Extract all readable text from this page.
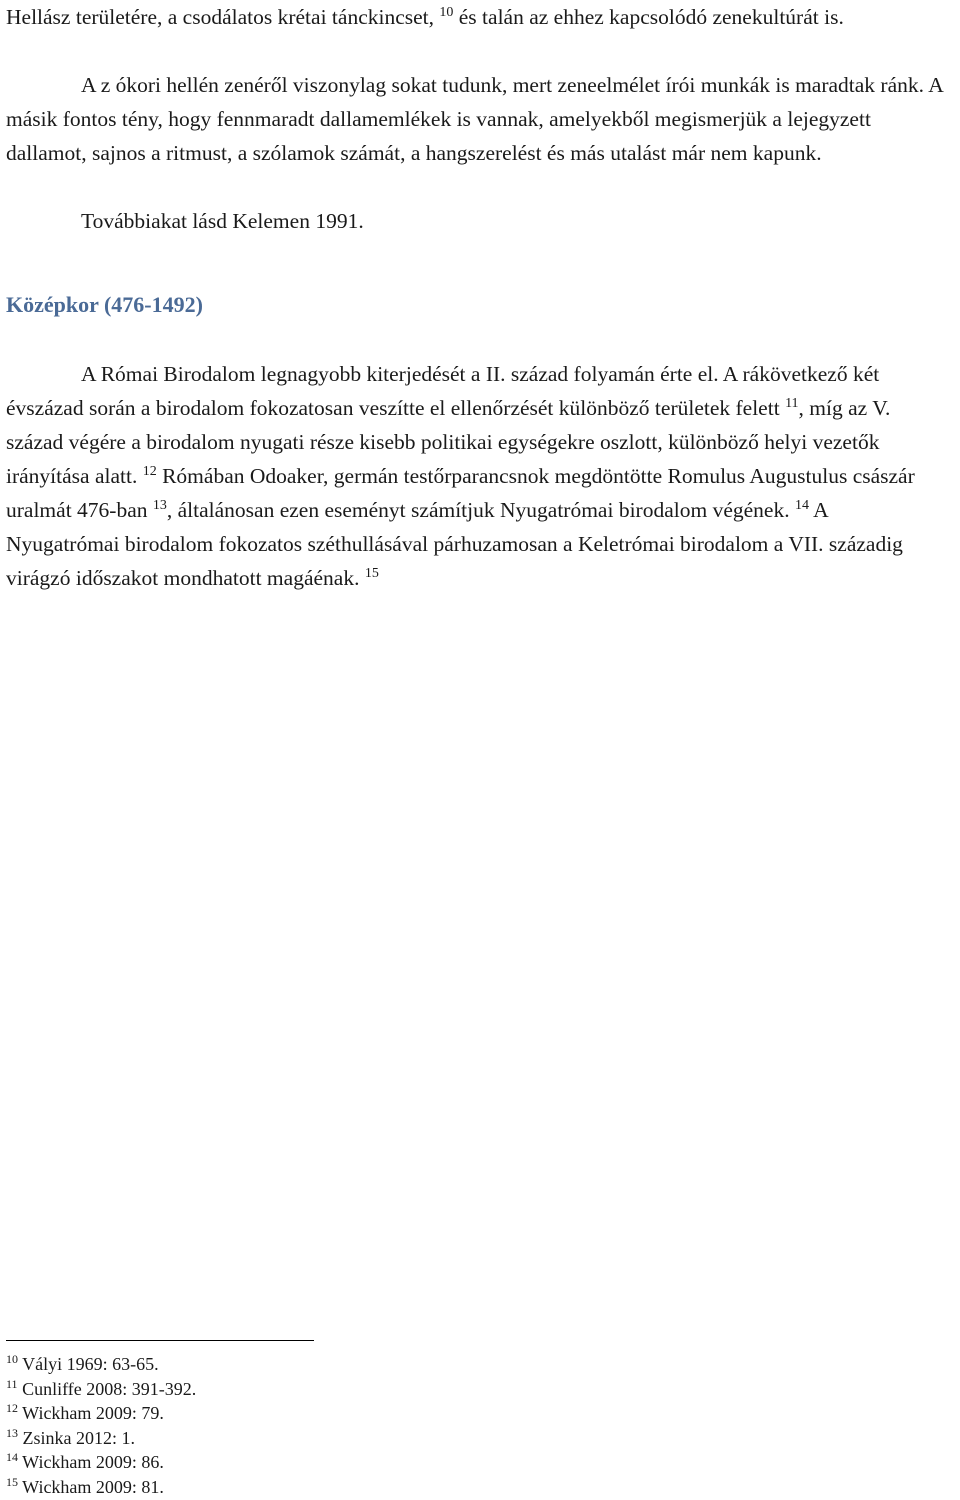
Hellász területére, a csodálatos krétai tánckincset, $^{10}$ és talán az ehhez kapcsolódó zenekultúrát is.

A z ókori hellén zenéről viszonylag sokat tudunk, mert zeneelmélet írói munkák is maradtak ránk. A másik fontos tény, hogy fennmaradt dallamemlékek is vannak, amelyekből megismerjük a lejegyzett dallamot, sajnos a ritmust, a szólamok számát, a hangszerelést és más utalást már nem kapunk.

Továbbiakat lásd Kelemen 1991.

Középkor (476-1492)

A Római Birodalom legnagyobb kiterjedését a II. század folyamán érte el. A rákövetkező két évszázad során a birodalom fokozatosan veszítte el ellenőrzését különböző területek felett $^{11}$, míg az V. század végére a birodalom nyugati része kisebb politikai egységekre oszlott, különböző helyi vezetők irányítása alatt. $^{12}$ Rómában Odoaker, germán testőrparancsnok megdöntötte Romulus Augustulus császár uralmát 476-ban $^{13}$, általánosan ezen eseményt számítjuk Nyugatrómai birodalom végének. $^{14}$ A Nyugatrómai birodalom fokozatos széthullásával párhuzamosan a Keletrómai birodalom a VII. századig virágzó időszakot mondhatott magáénak. $^{15}$

$^{10}$ Vályi 1969: 63-65.
$^{11}$ Cunliffe 2008: 391-392.
$^{12}$ Wickham 2009: 79.
$^{13}$ Zsinka 2012: 1.
$^{14}$ Wickham 2009: 86.
$^{15}$ Wickham 2009: 81.
